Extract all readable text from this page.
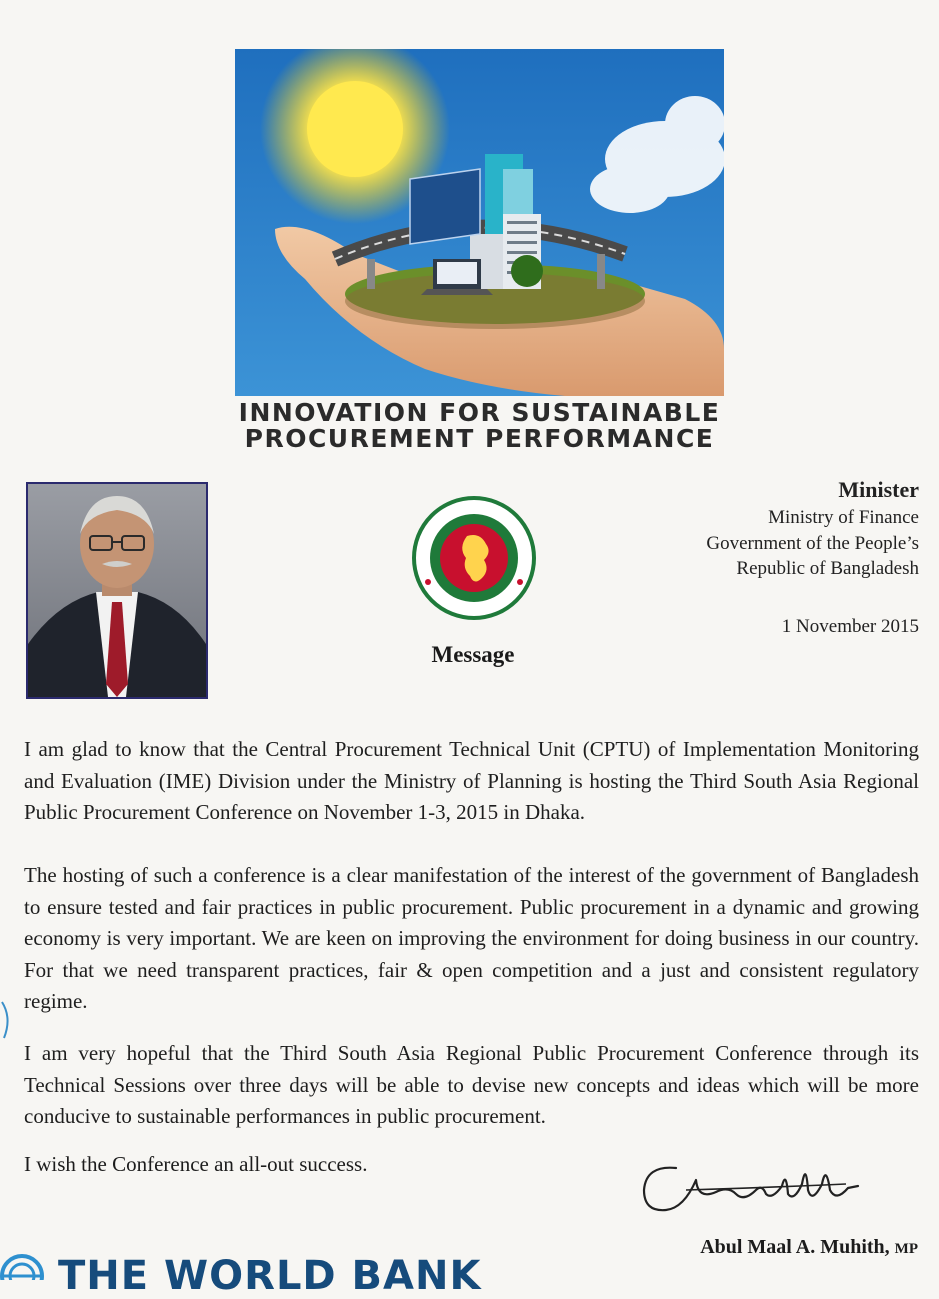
INNOVATION FOR SUSTAINABLE
PROCUREMENT PERFORMANCE
Message
Minister
Ministry of Finance
Government of the People’s
Republic of Bangladesh
1 November 2015
I am glad to know that the Central Procurement Technical Unit (CPTU) of Implementation Monitoring and Evaluation (IME) Division under the Ministry of Planning is hosting the Third South Asia Regional Public Procurement Conference on November 1-3, 2015 in Dhaka.
The hosting of such a conference is a clear manifestation of the interest of the government of Bangladesh to ensure tested and fair practices in public procurement. Public procurement in a dynamic and growing economy is very important. We are keen on improving the environment for doing business in our country. For that we need transparent practices, fair & open competition and a just and consistent regulatory regime.
I am very hopeful that the Third South Asia Regional Public Procurement Conference through its Technical Sessions over three days will be able to devise new concepts and ideas which will be more conducive to sustainable performances in public procurement.
I wish the Conference an all-out success.
Abul Maal A. Muhith, MP
THE WORLD BANK
